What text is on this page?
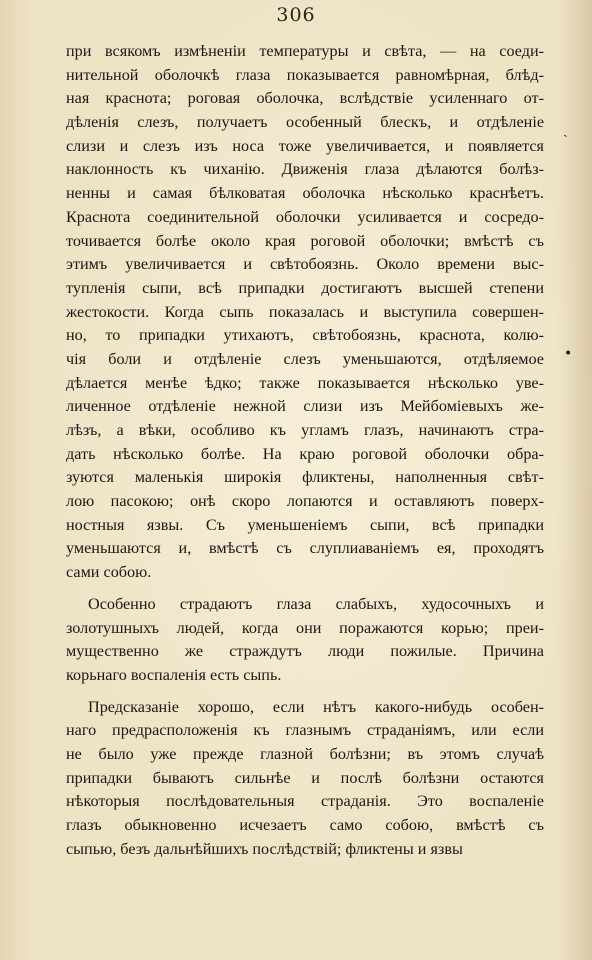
306
при всякомъ измѣненіи температуры и свѣта, — на соеди-
нительной оболочкѣ глаза показывается равномѣрная, блѣд-
ная краснота; роговая оболочка, вслѣдствіе усиленнаго от-
дѣленія слезъ, получаетъ особенный блескъ, и отдѣленіе
слизи и слезъ изъ носа тоже увеличивается, и появляется
наклонность къ чиханію. Движенія глаза дѣлаются болѣз-
ненны и самая бѣлковатая оболочка нѣсколько краснѣетъ.
Краснота соединительной оболочки усиливается и сосредо-
точивается болѣе около края роговой оболочки; вмѣстѣ съ
этимъ увеличивается и свѣтобоязнь. Около времени выс-
тупленія сыпи, всѣ припадки достигаютъ высшей степени
жестокости. Когда сыпь показалась и выступила совершен-
но, то припадки утихаютъ, свѣтобоязнь, краснота, колю-
чія боли и отдѣленіе слезъ уменьшаются, отдѣляемое
дѣлается менѣе ѣдко; также показывается нѣсколько уве-
личенное отдѣленіе нежной слизи изъ Мейбоміевыхъ же-
лѣзъ, а вѣки, особливо къ угламъ глазъ, начинаютъ стра-
дать нѣсколько болѣе. На краю роговой оболочки обра-
зуются маленькія широкія фликтены, наполненныя свѣт-
лою пасокою; онѣ скоро лопаются и оставляютъ поверх-
ностныя язвы. Съ уменьшеніемъ сыпи, всѣ припадки
уменьшаются и, вмѣстѣ съ слуплиаваніемъ ея, проходятъ
сами собою.
Особенно страдаютъ глаза слабыхъ, худосочныхъ и
золотушныхъ людей, когда они поражаются корью; преи-
мущественно же страждутъ люди пожилые. Причина
корьнаго воспаленія есть сыпь.
Предсказаніе хорошо, если нѣтъ какого-нибудь особен-
наго предрасположенія къ глазнымъ страданіямъ, или если
не было уже прежде глазной болѣзни; въ этомъ случаѣ
припадки бываютъ сильнѣе и послѣ болѣзни остаются
нѣкоторыя послѣдовательныя страданія. Это воспаленіе
глазъ обыкновенно исчезаетъ само собою, вмѣстѣ съ
сыпью, безъ дальнѣйшихъ послѣдствій; фликтены и язвы
ˏ
•
